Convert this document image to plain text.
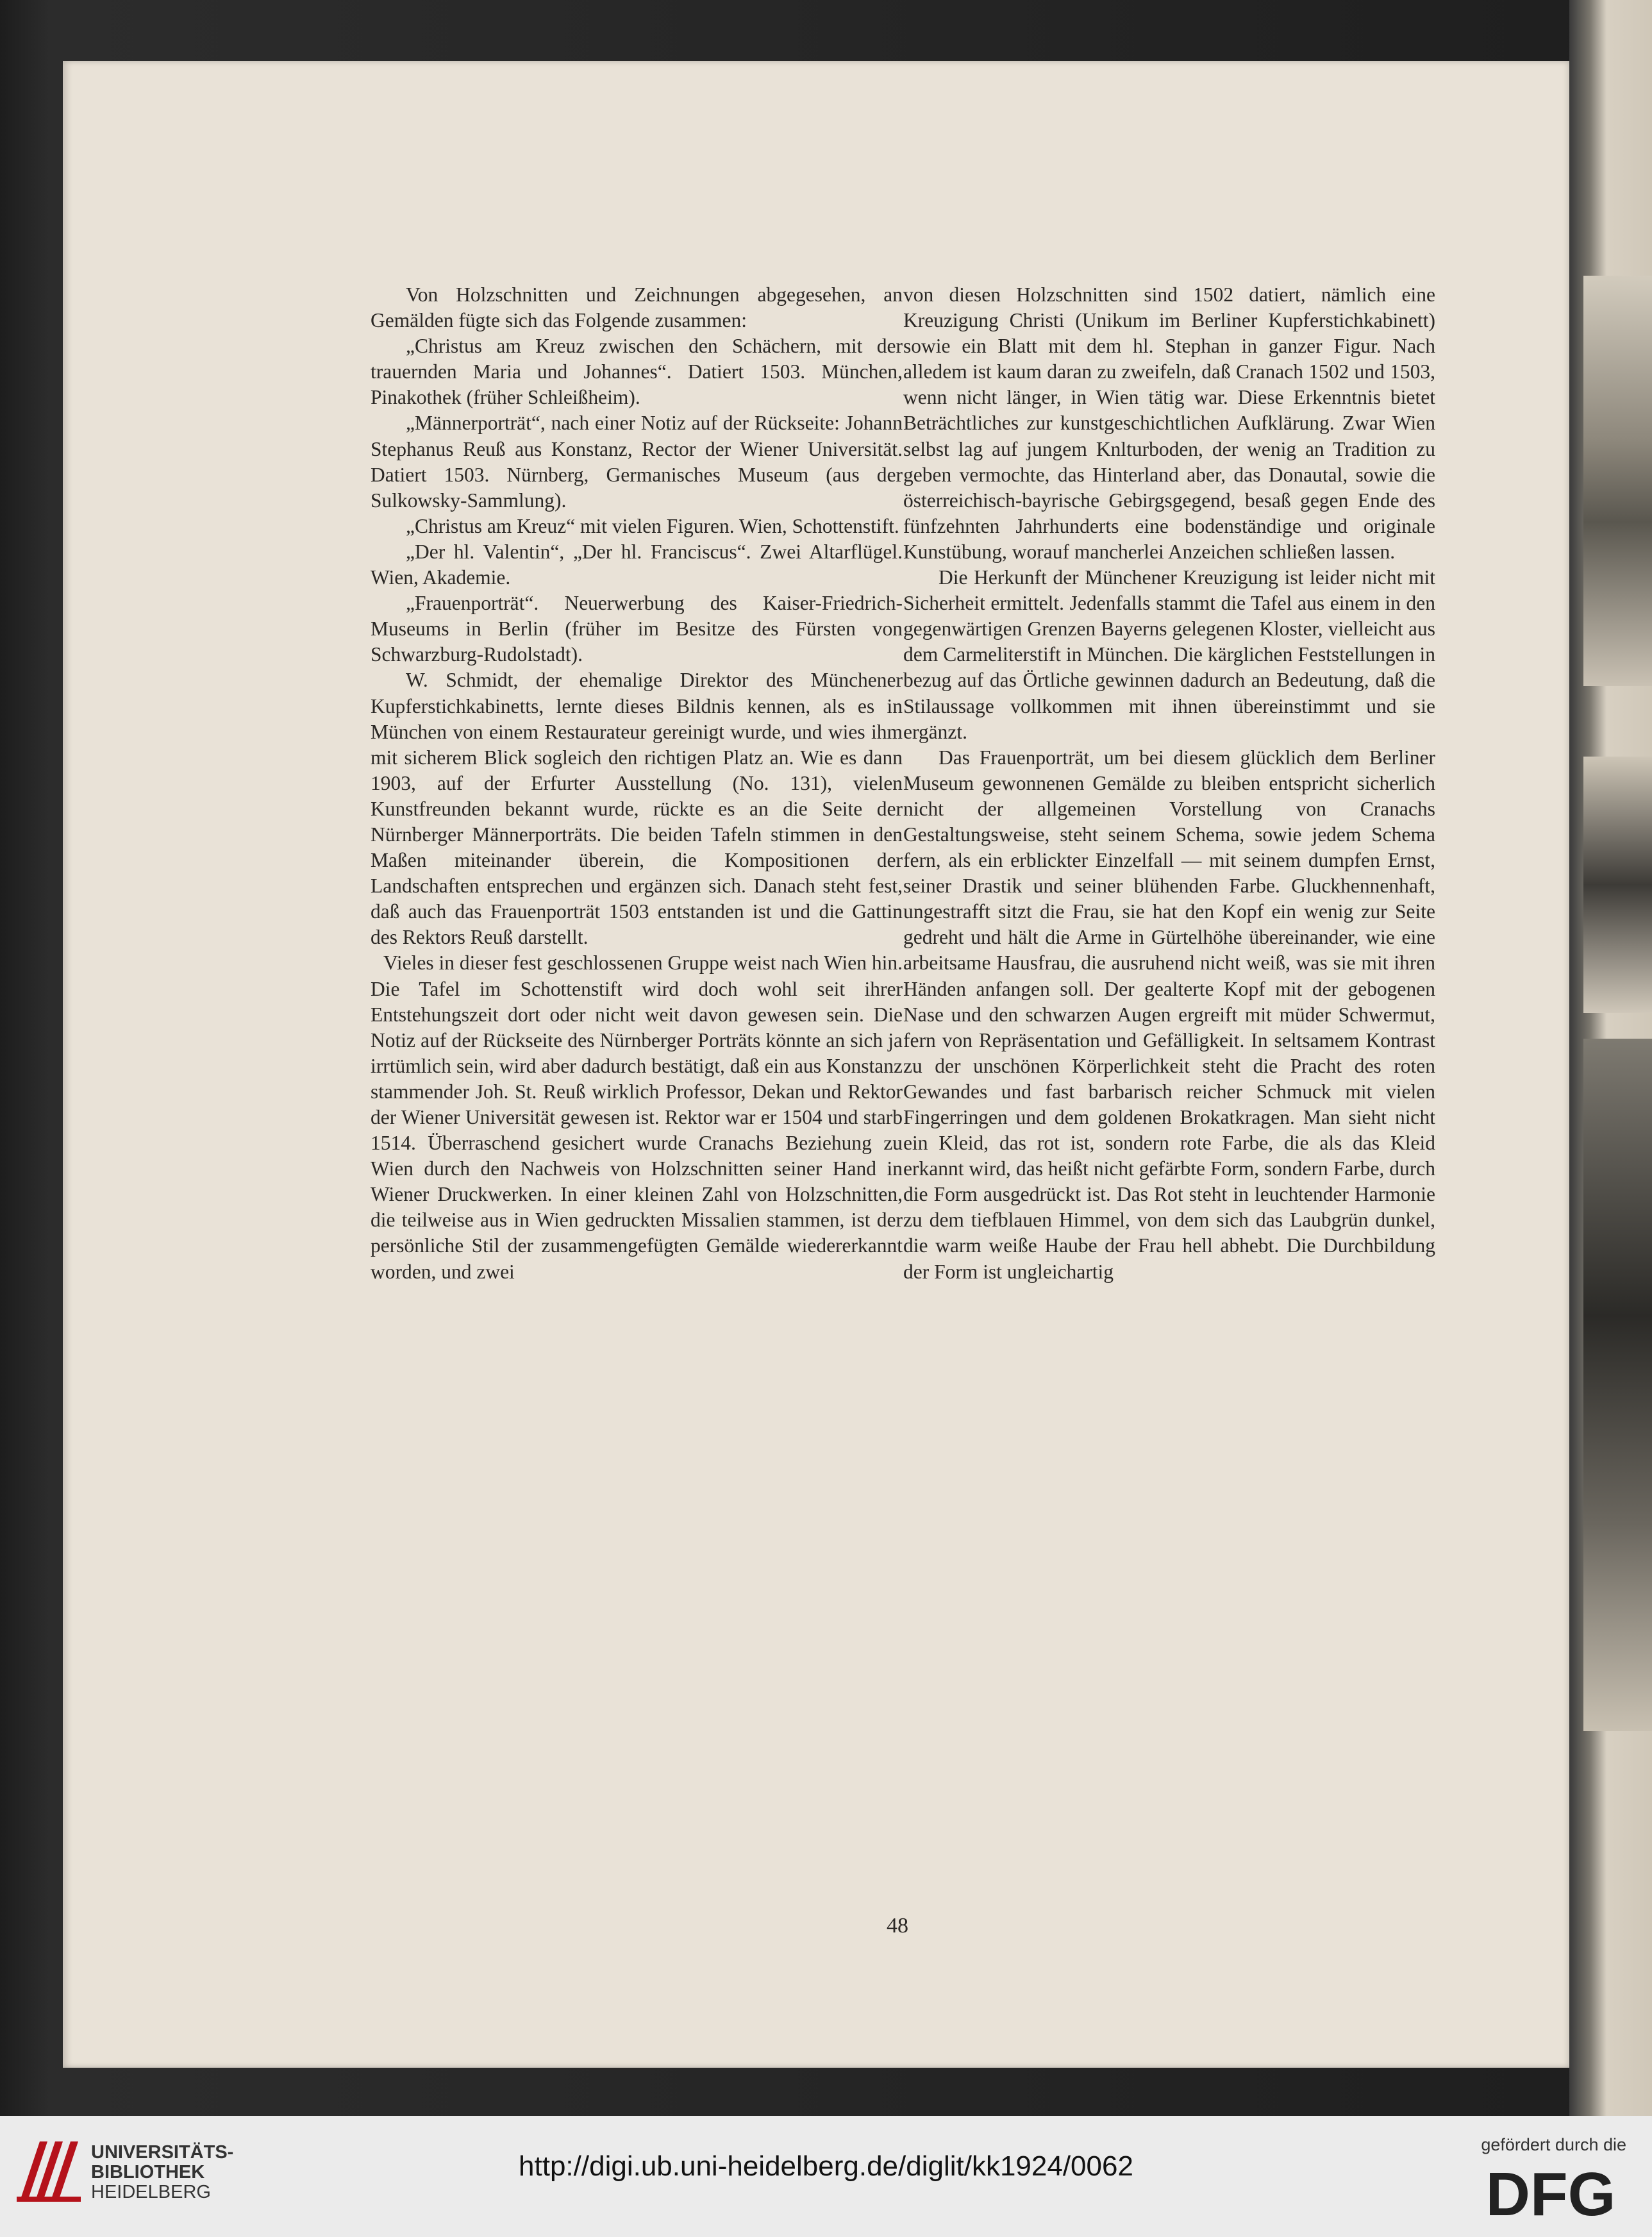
Von Holzschnitten und Zeichnungen abgegesehen, an Gemälden fügte sich das Folgende zusammen:

„Christus am Kreuz zwischen den Schächern, mit der trauernden Maria und Johannes“. Datiert 1503. München, Pinakothek (früher Schleißheim).

„Männerporträt“, nach einer Notiz auf der Rückseite: Johann Stephanus Reuß aus Konstanz, Rector der Wiener Universität. Datiert 1503. Nürnberg, Germanisches Museum (aus der Sulkowsky-Sammlung).

„Christus am Kreuz“ mit vielen Figuren. Wien, Schottenstift.

„Der hl. Valentin“, „Der hl. Franciscus“. Zwei Altarflügel. Wien, Akademie.

„Frauenporträt“. Neuerwerbung des Kaiser-Friedrich-Museums in Berlin (früher im Besitze des Fürsten von Schwarzburg-Rudolstadt).

W. Schmidt, der ehemalige Direktor des Münchener Kupferstichkabinetts, lernte dieses Bildnis kennen, als es in München von einem Restaurateur gereinigt wurde, und wies ihm mit sicherem Blick sogleich den richtigen Platz an. Wie es dann 1903, auf der Erfurter Ausstellung (No. 131), vielen Kunstfreunden bekannt wurde, rückte es an die Seite der Nürnberger Männerporträts. Die beiden Tafeln stimmen in den Maßen miteinander überein, die Kompositionen der Landschaften entsprechen und ergänzen sich. Danach steht fest, daß auch das Frauenporträt 1503 entstanden ist und die Gattin des Rektors Reuß darstellt.

Vieles in dieser fest geschlossenen Gruppe weist nach Wien hin. Die Tafel im Schottenstift wird doch wohl seit ihrer Entstehungszeit dort oder nicht weit davon gewesen sein. Die Notiz auf der Rückseite des Nürnberger Porträts könnte an sich ja irrtümlich sein, wird aber dadurch bestätigt, daß ein aus Konstanz stammender Joh. St. Reuß wirklich Professor, Dekan und Rektor der Wiener Universität gewesen ist. Rektor war er 1504 und starb 1514. Überraschend gesichert wurde Cranachs Beziehung zu Wien durch den Nachweis von Holzschnitten seiner Hand in Wiener Druckwerken. In einer kleinen Zahl von Holzschnitten, die teilweise aus in Wien gedruckten Missalien stammen, ist der persönliche Stil der zusammengefügten Gemälde wiedererkannt worden, und zwei

von diesen Holzschnitten sind 1502 datiert, nämlich eine Kreuzigung Christi (Unikum im Berliner Kupferstichkabinett) sowie ein Blatt mit dem hl. Stephan in ganzer Figur. Nach alledem ist kaum daran zu zweifeln, daß Cranach 1502 und 1503, wenn nicht länger, in Wien tätig war. Diese Erkenntnis bietet Beträchtliches zur kunstgeschichtlichen Aufklärung. Zwar Wien selbst lag auf jungem Knlturboden, der wenig an Tradition zu geben vermochte, das Hinterland aber, das Donautal, sowie die österreichisch-bayrische Gebirgsgegend, besaß gegen Ende des fünfzehnten Jahrhunderts eine bodenständige und originale Kunstübung, worauf mancherlei Anzeichen schließen lassen.

Die Herkunft der Münchener Kreuzigung ist leider nicht mit Sicherheit ermittelt. Jedenfalls stammt die Tafel aus einem in den gegenwärtigen Grenzen Bayerns gelegenen Kloster, vielleicht aus dem Carmeliterstift in München. Die kärglichen Feststellungen in bezug auf das Örtliche gewinnen dadurch an Bedeutung, daß die Stilaussage vollkommen mit ihnen übereinstimmt und sie ergänzt.

Das Frauenporträt, um bei diesem glücklich dem Berliner Museum gewonnenen Gemälde zu bleiben entspricht sicherlich nicht der allgemeinen Vorstellung von Cranachs Gestaltungsweise, steht seinem Schema, sowie jedem Schema fern, als ein erblickter Einzelfall — mit seinem dumpfen Ernst, seiner Drastik und seiner blühenden Farbe. Gluckhennenhaft, ungestrafft sitzt die Frau, sie hat den Kopf ein wenig zur Seite gedreht und hält die Arme in Gürtelhöhe übereinander, wie eine arbeitsame Hausfrau, die ausruhend nicht weiß, was sie mit ihren Händen anfangen soll. Der gealterte Kopf mit der gebogenen Nase und den schwarzen Augen ergreift mit müder Schwermut, fern von Repräsentation und Gefälligkeit. In seltsamem Kontrast zu der unschönen Körperlichkeit steht die Pracht des roten Gewandes und fast barbarisch reicher Schmuck mit vielen Fingerringen und dem goldenen Brokatkragen. Man sieht nicht ein Kleid, das rot ist, sondern rote Farbe, die als das Kleid erkannt wird, das heißt nicht gefärbte Form, sondern Farbe, durch die Form ausgedrückt ist. Das Rot steht in leuchtender Harmonie zu dem tiefblauen Himmel, von dem sich das Laubgrün dunkel, die warm weiße Haube der Frau hell abhebt. Die Durchbildung der Form ist ungleichartig

48
UNIVERSITÄTS-
BIBLIOTHEK
HEIDELBERG
http://digi.ub.uni-heidelberg.de/diglit/kk1924/0062
gefördert durch die
DFG
